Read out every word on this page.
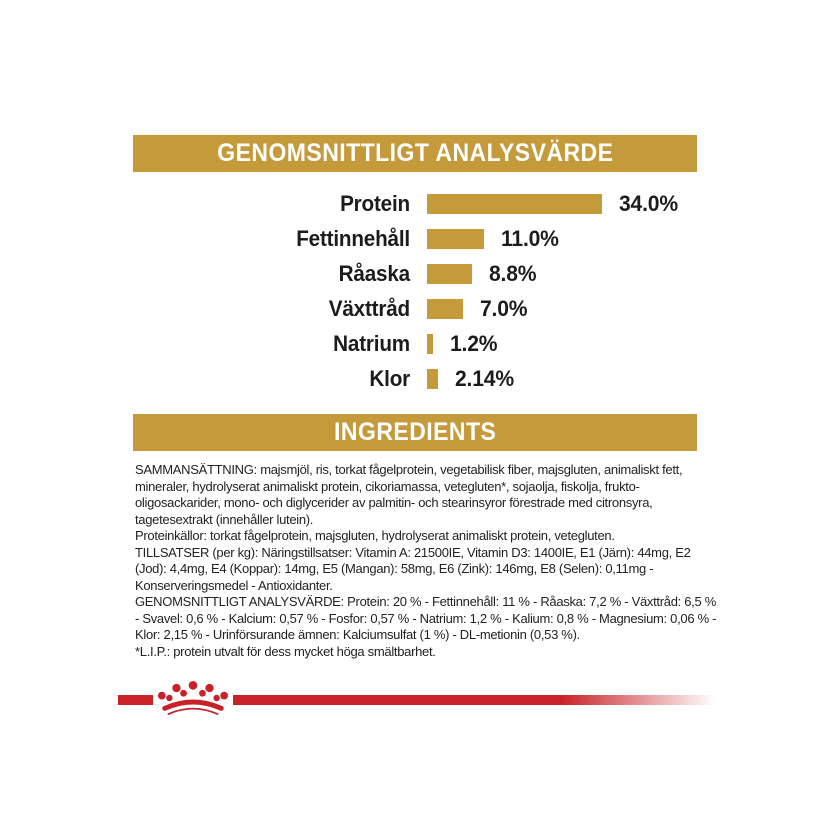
GENOMSNITTLIGT ANALYSVÄRDE
Protein	34.0%
Fettinnehåll	11.0%
Råaska	8.8%
Växttråd	7.0%
Natrium 1.2%
Klor 2.14%
INGREDIENTS

SAMMANSÄTTNING: majsmjöl, ris, torkat fågelprotein, vegetabilisk fiber, majsgluten, animaliskt fett, mineraler, hydrolyserat animaliskt protein, cikoriamassa, vetegluten*, sojaolja, fiskolja, frukto-oligosackarider, mono- och diglycerider av palmitin- och stearinsyror förestrade med citronsyra, tagetesextrakt (innehåller lutein).

Proteinkällor: torkat fågelprotein, majsgluten, hydrolyserat animaliskt protein, vetegluten.

TILLSATSER (per kg): Näringstillsatser: Vitamin A: 21500IE, Vitamin D3: 1400IE, E1 (Järn): 44mg, E2 (Jod): 4,4mg, E4 (Koppar): 14mg, E5 (Mangan): 58mg, E6 (Zink): 146mg, E8 (Selen): 0,11mg - Konserveringsmedel - Antioxidanter.

GENOMSNITTLIGT ANALYSVÄRDE: Protein: 20 % - Fettinnehåll: 11 % - Råaska: 7,2 % - Växttråd: 6,5 % - Svavel: 0,6 % - Kalcium: 0,57 % - Fosfor: 0,57 % - Natrium: 1,2 % - Kalium: 0,8 % - Magnesium: 0,06 % - Klor: 2,15 % - Urinförsurande ämnen: Kalciumsulfat (1 %) - DL-metionin (0,53 %).

*L.I.P.: protein utvalt för dess mycket höga smältbarhet.
